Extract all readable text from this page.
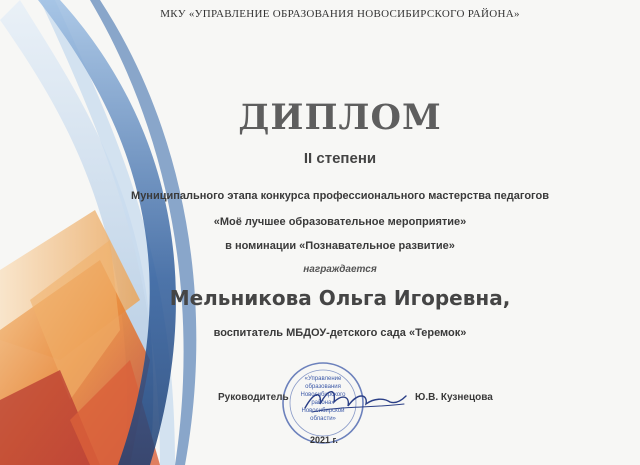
МКУ «УПРАВЛЕНИЕ ОБРАЗОВАНИЯ НОВОСИБИРСКОГО РАЙОНА»
ДИПЛОМ
II степени
Муниципального этапа конкурса профессионального мастерства педагогов
«Моё лучшее образовательное мероприятие»
в номинации «Познавательное развитие»
награждается
Мельникова Ольга Игоревна,
воспитатель МБДОУ-детского сада «Теремок»
«Управление
образования
Новосибирского
района»
Новосибирской
области»
Руководитель	Ю.В. Кузнецова
2021 г.
